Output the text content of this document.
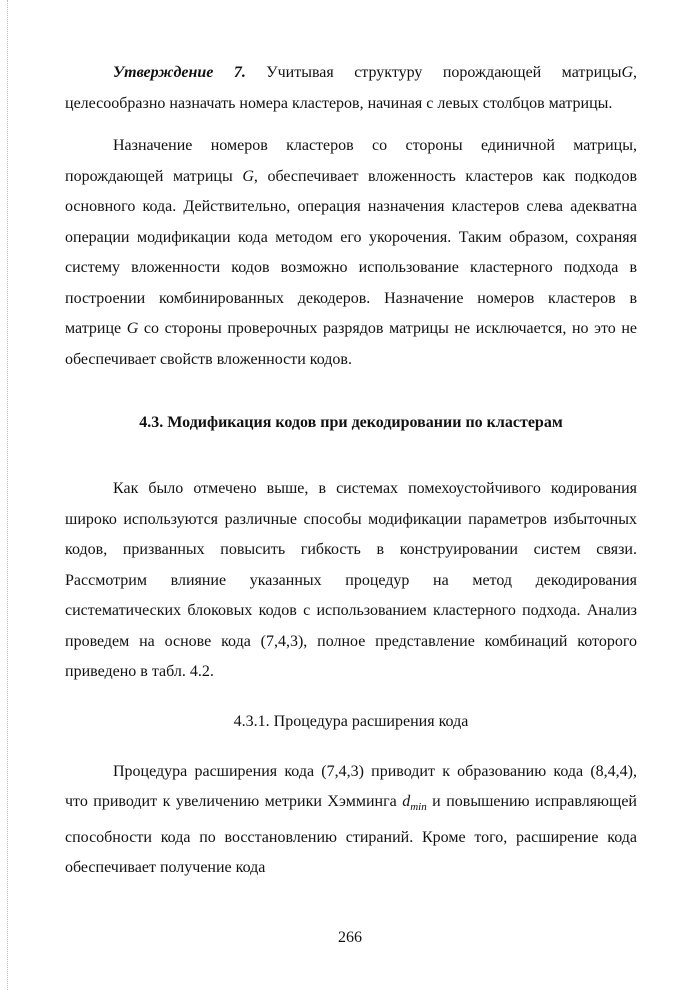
Утверждение 7. Учитывая структуру порождающей матрицыG, целесообразно назначать номера кластеров, начиная с левых столбцов матрицы.

Назначение номеров кластеров со стороны единичной матрицы, порождающей матрицы G, обеспечивает вложенность кластеров как подкодов основного кода. Действительно, операция назначения кластеров слева адекватна операции модификации кода методом его укорочения. Таким образом, сохраняя систему вложенности кодов возможно использование кластерного подхода в построении комбинированных декодеров. Назначение номеров кластеров в матрице G со стороны проверочных разрядов матрицы не исключается, но это не обеспечивает свойств вложенности кодов.

4.3. Модификация кодов при декодировании по кластерам

Как было отмечено выше, в системах помехоустойчивого кодирования широко используются различные способы модификации параметров избыточных кодов, призванных повысить гибкость в конструировании систем связи. Рассмотрим влияние указанных процедур на метод декодирования систематических блоковых кодов с использованием кластерного подхода. Анализ проведем на основе кода (7,4,3), полное представление комбинаций которого приведено в табл. 4.2.

4.3.1. Процедура расширения кода

Процедура расширения кода (7,4,3) приводит к образованию кода (8,4,4), что приводит к увеличению метрики Хэмминга $d_{min}$ и повышению исправляющей способности кода по восстановлению стираний. Кроме того, расширение кода обеспечивает получение кода

266
